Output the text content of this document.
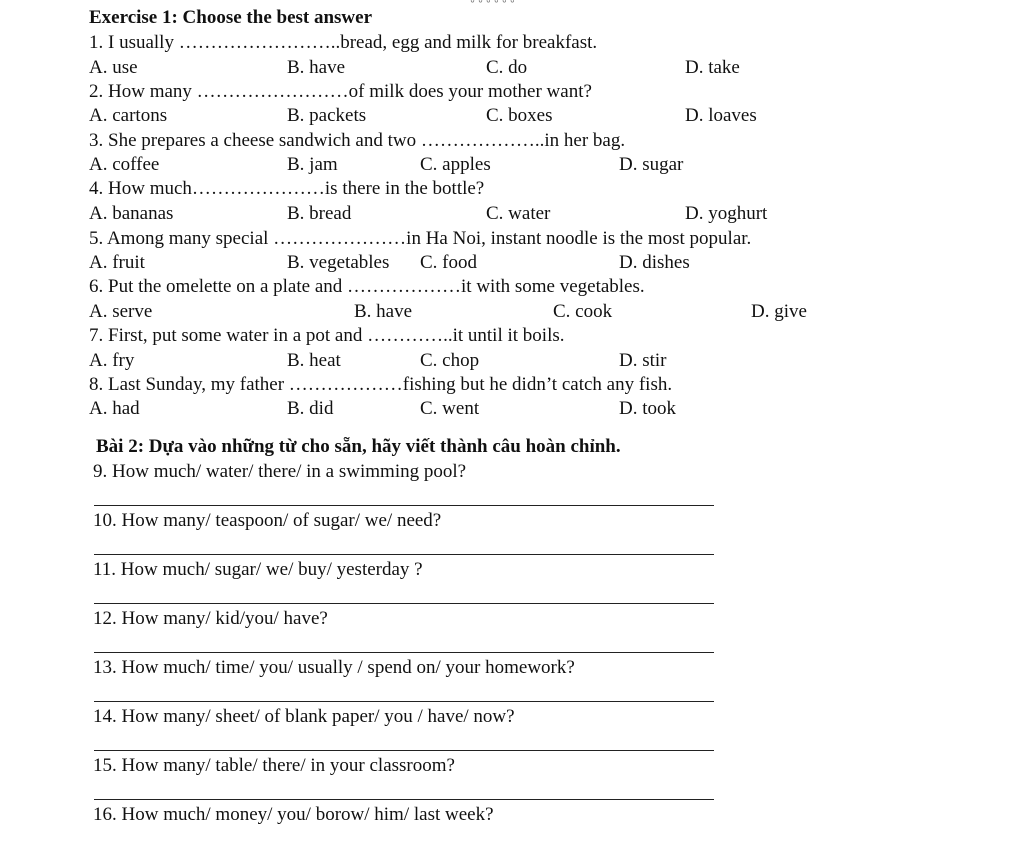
◦◦◦◦◦◦
Exercise 1: Choose the best answer
1. I usually ……………………..bread, egg and milk for breakfast.
A. use	B. have	C. do	D. take
2. How many ……………………of milk does your mother want?
A. cartons	B. packets	C. boxes	D. loaves
3. She prepares a cheese sandwich and two ………………..in her bag.
A. coffee	B. jam	C. apples	D. sugar
4. How much…………………is there in the bottle?
A. bananas	B. bread	C. water	D. yoghurt
5. Among many special …………………in Ha Noi, instant noodle is the most popular.
A. fruit	B. vegetables C. food	D. dishes
6. Put the omelette on a plate and ………………it with some vegetables.
A. serve	B. have	C. cook	D. give
7. First, put some water in a pot and …………..it until it boils.
A. fry	B. heat	C. chop	D. stir
8. Last Sunday, my father ………………fishing but he didn’t catch any fish.
A. had	B. did	C. went	D. took
Bài 2: Dựa vào những từ cho sẵn, hãy viết thành câu hoàn chỉnh.
9. How much/ water/ there/ in a swimming pool?
10. How many/ teaspoon/ of sugar/ we/ need?
11. How much/ sugar/ we/ buy/ yesterday ?
12. How many/ kid/you/ have?
13. How much/ time/ you/ usually / spend on/ your homework?
14. How many/ sheet/ of blank paper/ you / have/ now?
15. How many/ table/ there/ in your classroom?
16. How much/ money/ you/ borow/ him/ last week?
